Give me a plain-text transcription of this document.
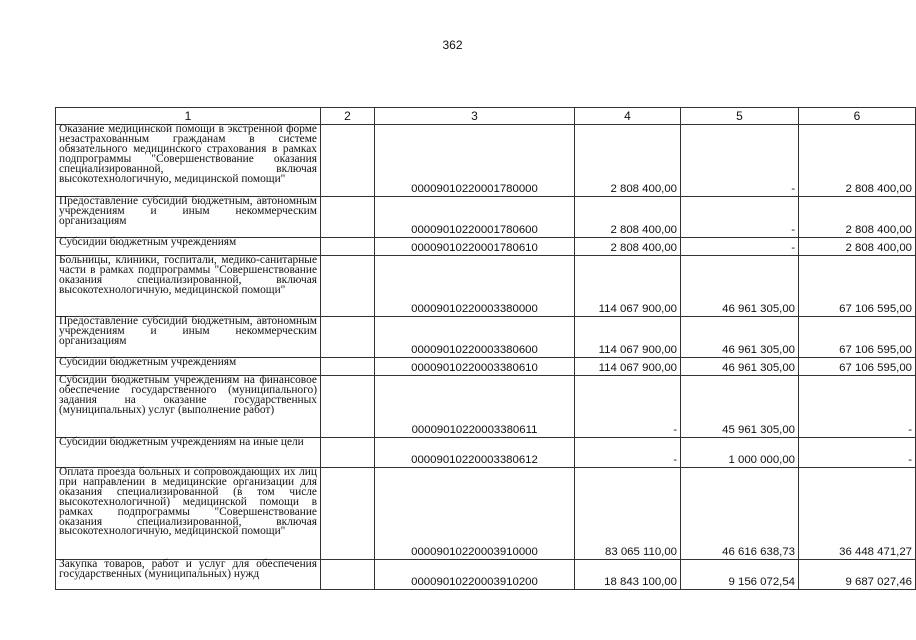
362
1	2	3	4	5	6
Оказание медицинской помощи в экстренной форме незастрахованным гражданам в системе обязательного медицинского страхования в рамках подпрограммы "Совершенствование оказания специализированной, включая высокотехнологичную, медицинской помощи"		00009010220001780000	2 808 400,00	-	2 808 400,00
Предоставление субсидий бюджетным, автономным учреждениям и иным некоммерческим организациям		00009010220001780600	2 808 400,00	-	2 808 400,00
Субсидии бюджетным учреждениям		00009010220001780610	2 808 400,00	-	2 808 400,00
Больницы, клиники, госпитали, медико-санитарные части в рамках подпрограммы "Совершенствование оказания специализированной, включая высокотехнологичную, медицинской помощи"		00009010220003380000	114 067 900,00	46 961 305,00	67 106 595,00
Предоставление субсидий бюджетным, автономным учреждениям и иным некоммерческим организациям		00009010220003380600	114 067 900,00	46 961 305,00	67 106 595,00
Субсидии бюджетным учреждениям		00009010220003380610	114 067 900,00	46 961 305,00	67 106 595,00
Субсидии бюджетным учреждениям на финансовое обеспечение государственного (муниципального) задания на оказание государственных (муниципальных) услуг (выполнение работ)		00009010220003380611	-	45 961 305,00	-
Субсидии бюджетным учреждениям на иные цели		00009010220003380612	-	1 000 000,00	-
Оплата проезда больных и сопровождающих их лиц при направлении в медицинские организации для оказания специализированной (в том числе высокотехнологичной) медицинской помощи в рамках подпрограммы "Совершенствование оказания специализированной, включая высокотехнологичную, медицинской помощи"		00009010220003910000	83 065 110,00	46 616 638,73	36 448 471,27
Закупка товаров, работ и услуг для обеспечения государственных (муниципальных) нужд		00009010220003910200	18 843 100,00	9 156 072,54	9 687 027,46
